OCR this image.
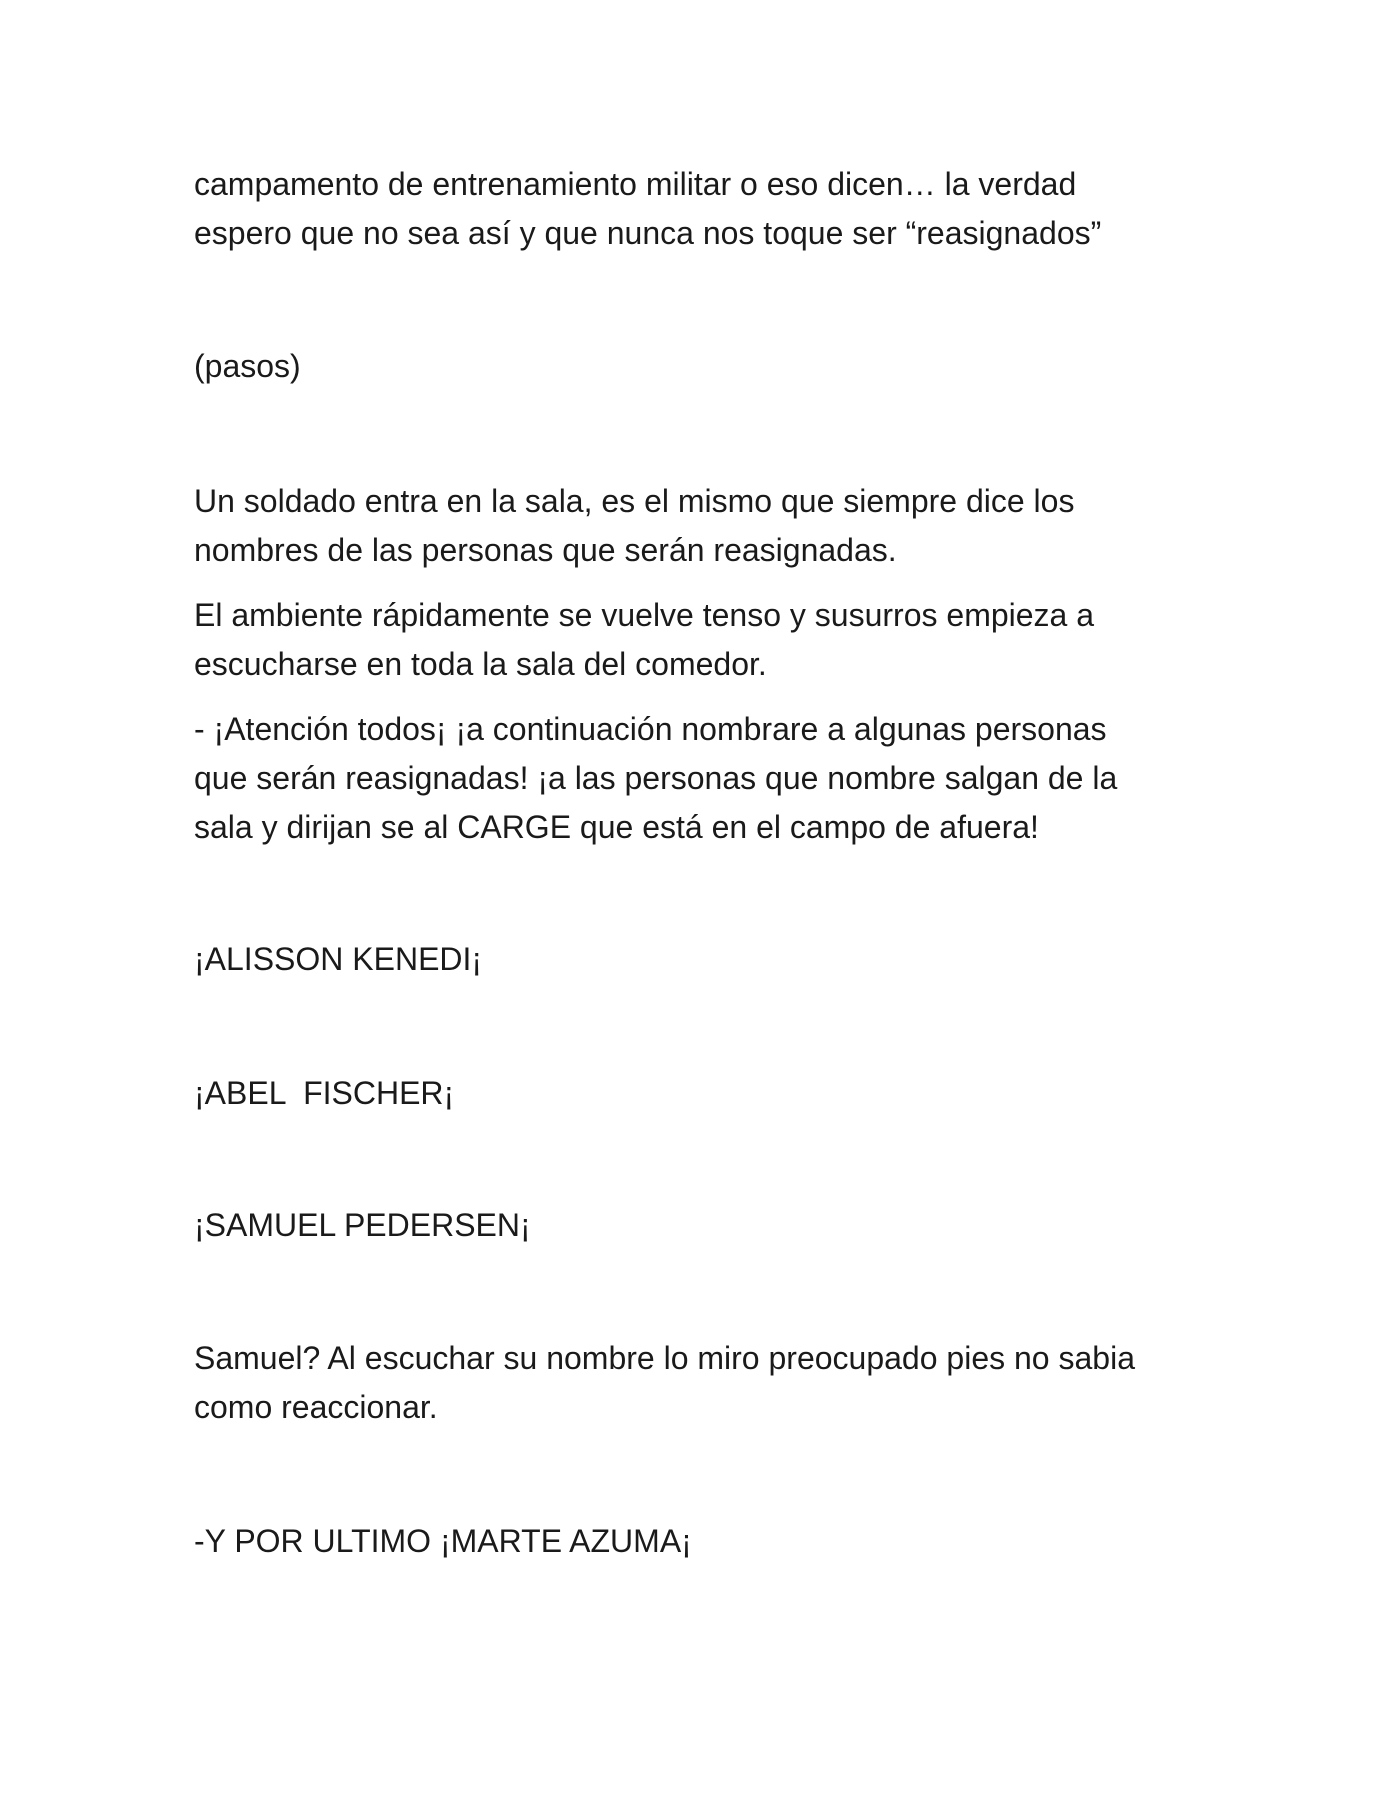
campamento de entrenamiento militar o eso dicen… la verdad
espero que no sea así y que nunca nos toque ser “reasignados”

(pasos)

Un soldado entra en la sala, es el mismo que siempre dice los
nombres de las personas que serán reasignadas.

El ambiente rápidamente se vuelve tenso y susurros empieza a
escucharse en toda la sala del comedor.

- ¡Atención todos¡ ¡a continuación nombrare a algunas personas
que serán reasignadas! ¡a las personas que nombre salgan de la
sala y dirijan se al CARGE que está en el campo de afuera!

¡ALISSON KENEDI¡

¡ABEL  FISCHER¡

¡SAMUEL PEDERSEN¡

Samuel? Al escuchar su nombre lo miro preocupado pies no sabia
como reaccionar.

-Y POR ULTIMO ¡MARTE AZUMA¡
